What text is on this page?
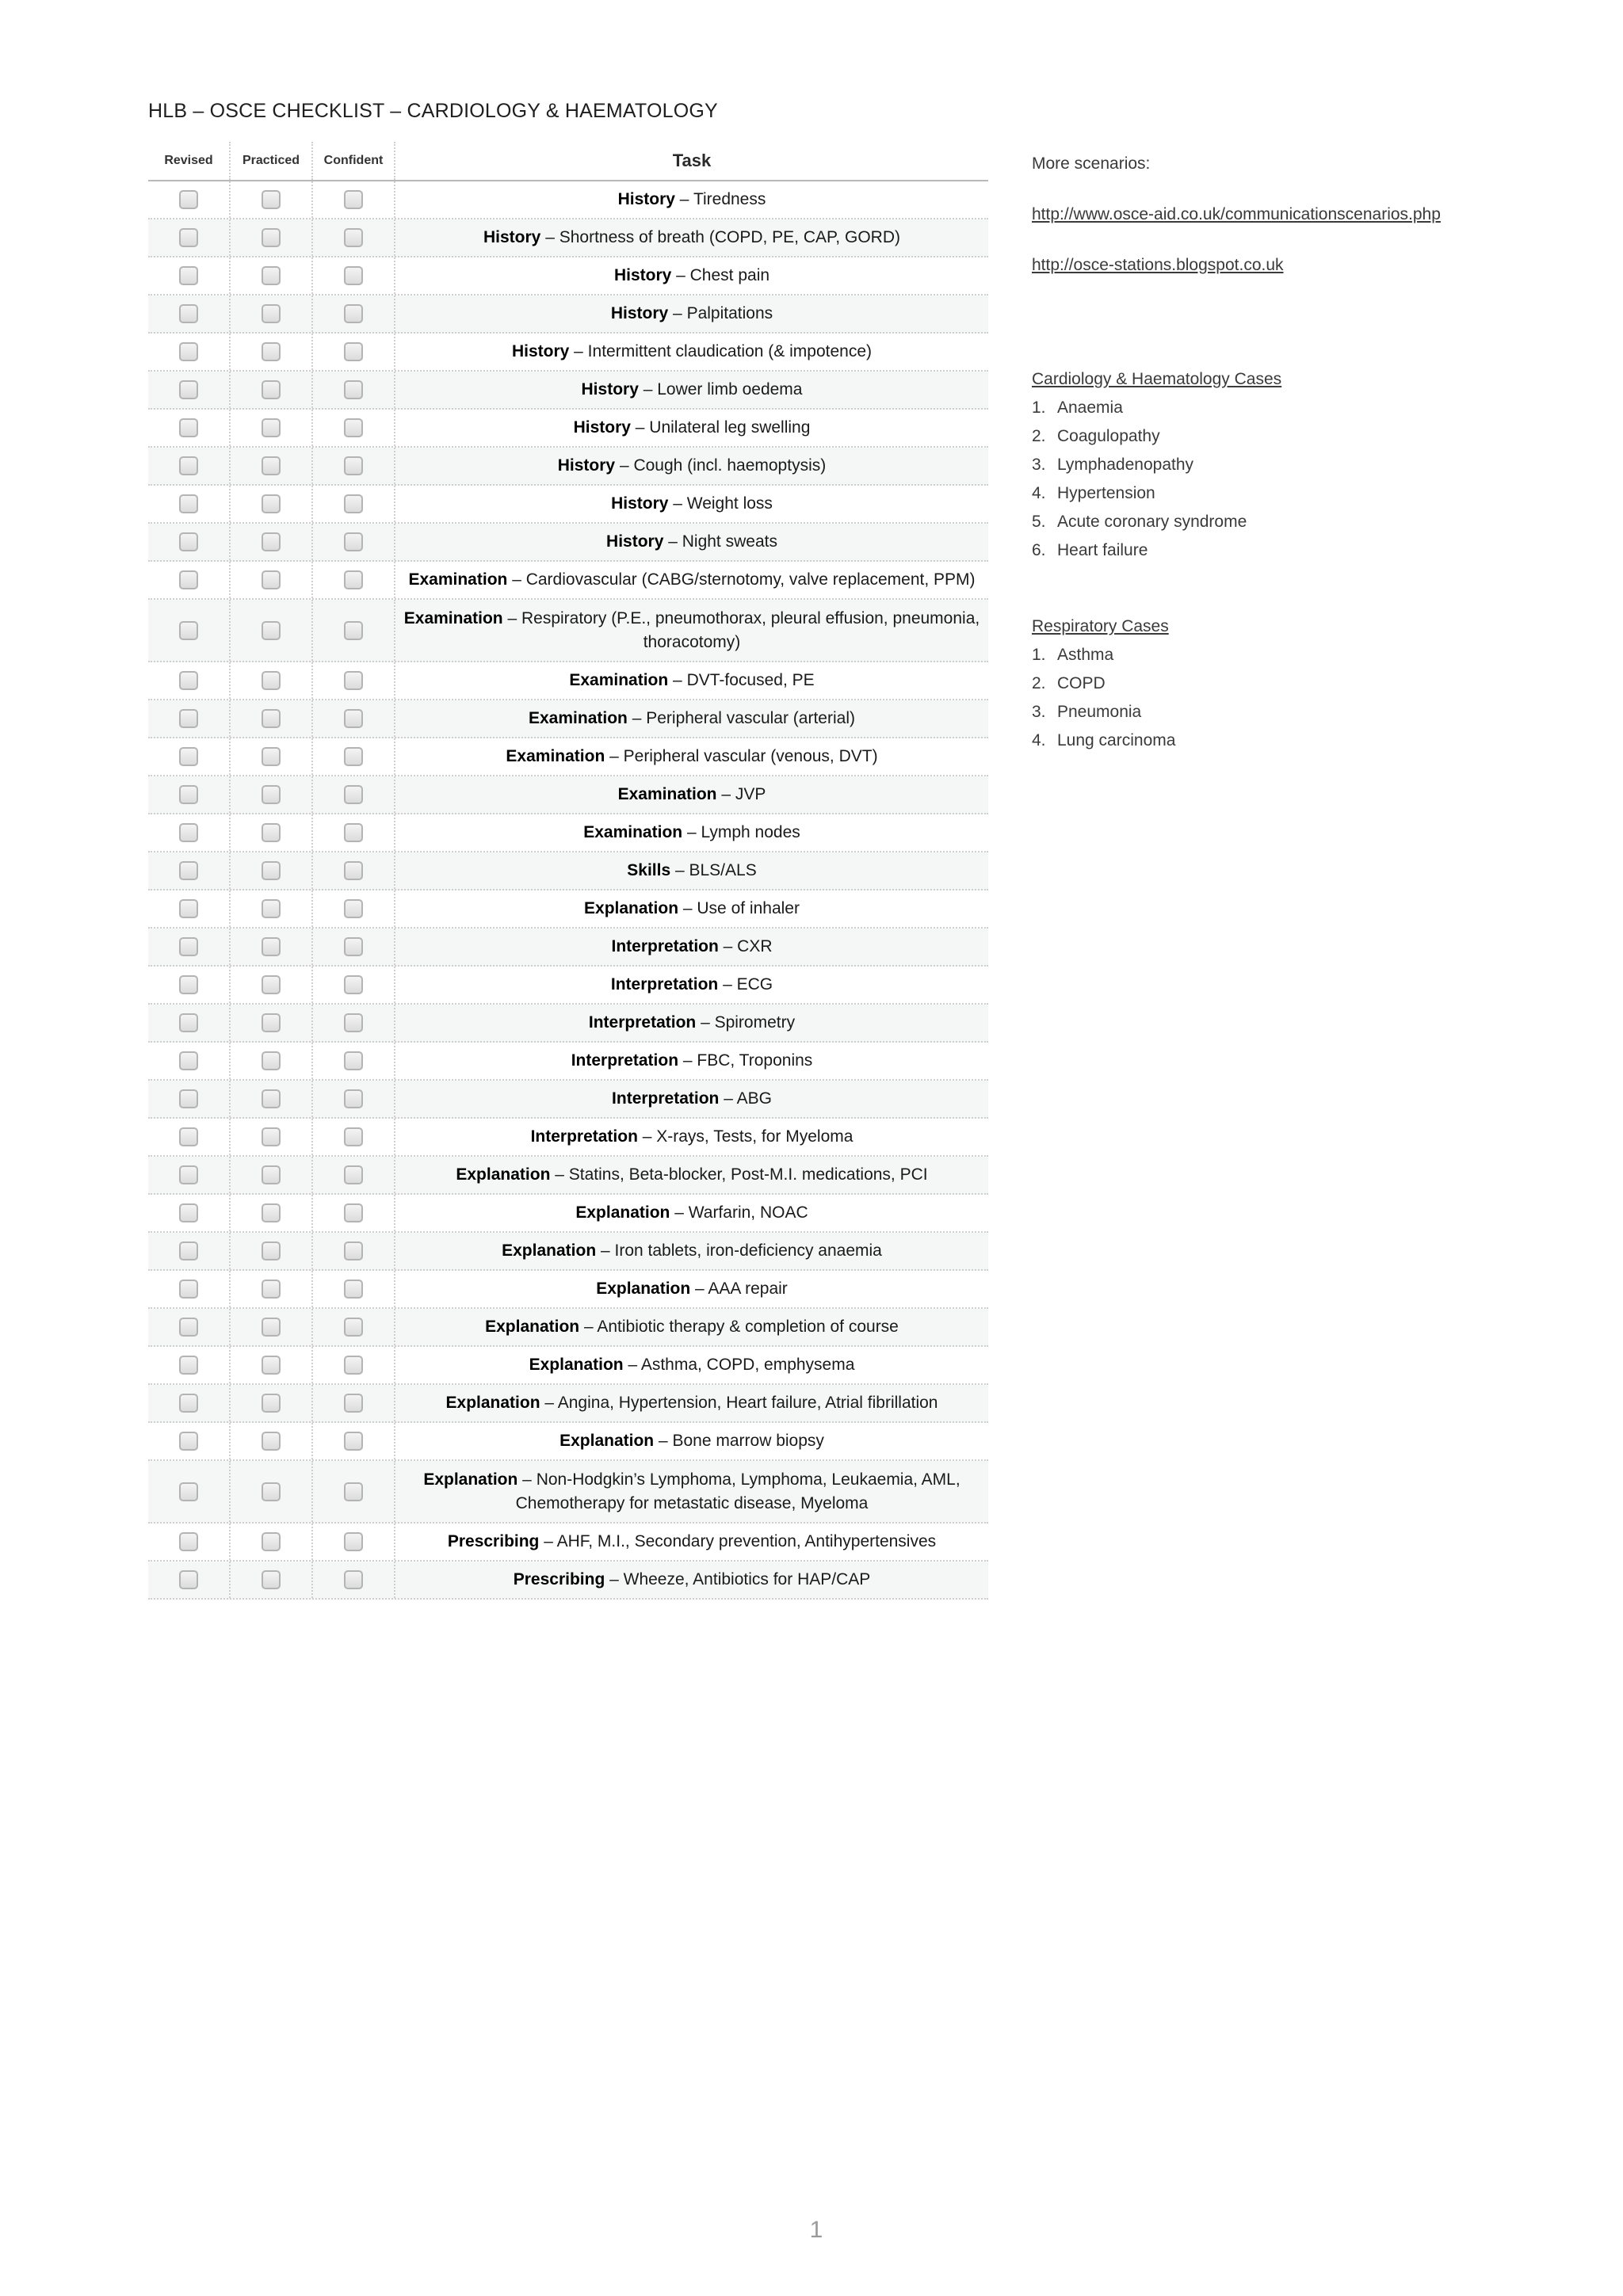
HLB – OSCE CHECKLIST – CARDIOLOGY & HAEMATOLOGY
Revised	Practiced	Confident	Task
History – Tiredness
History – Shortness of breath (COPD, PE, CAP, GORD)
History – Chest pain
History – Palpitations
History – Intermittent claudication (& impotence)
History – Lower limb oedema
History – Unilateral leg swelling
History – Cough (incl. haemoptysis)
History – Weight loss
History – Night sweats
Examination – Cardiovascular (CABG/sternotomy, valve replacement, PPM)
Examination – Respiratory (P.E., pneumothorax, pleural effusion, pneumonia, thoracotomy)
Examination – DVT-focused, PE
Examination – Peripheral vascular (arterial)
Examination – Peripheral vascular (venous, DVT)
Examination – JVP
Examination – Lymph nodes
Skills – BLS/ALS
Explanation – Use of inhaler
Interpretation – CXR
Interpretation – ECG
Interpretation – Spirometry
Interpretation – FBC, Troponins
Interpretation – ABG
Interpretation – X-rays, Tests, for Myeloma
Explanation – Statins, Beta-blocker, Post-M.I. medications, PCI
Explanation – Warfarin, NOAC
Explanation – Iron tablets, iron-deficiency anaemia
Explanation – AAA repair
Explanation – Antibiotic therapy & completion of course
Explanation – Asthma, COPD, emphysema
Explanation – Angina, Hypertension, Heart failure, Atrial fibrillation
Explanation – Bone marrow biopsy
Explanation – Non-Hodgkin’s Lymphoma, Lymphoma, Leukaemia, AML, Chemotherapy for metastatic disease, Myeloma
Prescribing – AHF, M.I., Secondary prevention, Antihypertensives
Prescribing – Wheeze, Antibiotics for HAP/CAP
More scenarios:
http://www.osce-aid.co.uk/communicationscenarios.php
http://osce-stations.blogspot.co.uk
Cardiology & Haematology Cases
1. Anaemia
2. Coagulopathy
3. Lymphadenopathy
4. Hypertension
5. Acute coronary syndrome
6. Heart failure
Respiratory Cases
1. Asthma
2. COPD
3. Pneumonia
4. Lung carcinoma
1
